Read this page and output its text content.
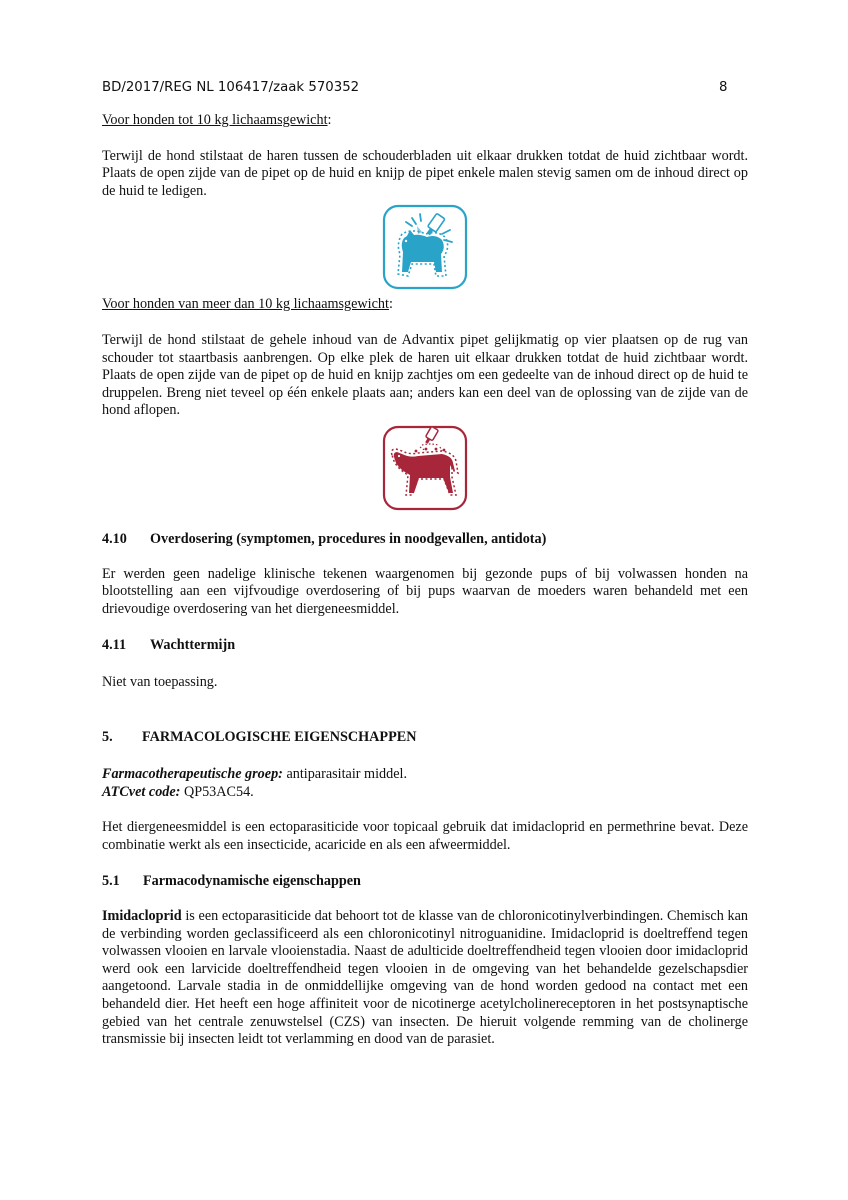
BD/2017/REG NL 106417/zaak 570352	8

Voor honden tot 10 kg lichaamsgewicht:

Terwijl de hond stilstaat de haren tussen de schouderbladen uit elkaar drukken totdat de huid zichtbaar wordt. Plaats de open zijde van de pipet op de huid en knijp de pipet enkele malen stevig samen om de inhoud direct op de huid te ledigen.

Voor honden van meer dan 10 kg lichaamsgewicht:

Terwijl de hond stilstaat de gehele inhoud van de Advantix pipet gelijkmatig op vier plaatsen op de rug van schouder tot staartbasis aanbrengen. Op elke plek de haren uit elkaar drukken totdat de huid zichtbaar wordt. Plaats de open zijde van de pipet op de huid en knijp zachtjes om een gedeelte van de inhoud direct op de huid te druppelen. Breng niet teveel op één enkele plaats aan; anders kan een deel van de oplossing van de zijde van de hond aflopen.

4.10	Overdosering (symptomen, procedures in noodgevallen, antidota)

Er werden geen nadelige klinische tekenen waargenomen bij gezonde pups of bij volwassen honden na blootstelling aan een vijfvoudige overdosering of bij pups waarvan de moeders waren behandeld met een drievoudige overdosering van het diergeneesmiddel.

4.11	Wachttermijn

Niet van toepassing.

5.	FARMACOLOGISCHE EIGENSCHAPPEN

Farmacotherapeutische groep: antiparasitair middel.

ATCvet code: QP53AC54.

Het diergeneesmiddel is een ectoparasiticide voor topicaal gebruik dat imidacloprid en permethrine bevat. Deze combinatie werkt als een insecticide, acaricide en als een afweermiddel.

5.1	Farmacodynamische eigenschappen

Imidacloprid is een ectoparasiticide dat behoort tot de klasse van de chloronicotinylverbindingen. Chemisch kan de verbinding worden geclassificeerd als een chloronicotinyl nitroguanidine. Imidacloprid is doeltreffend tegen volwassen vlooien en larvale vlooienstadia. Naast de adulticide doeltreffendheid tegen vlooien door imidacloprid werd ook een larvicide doeltreffendheid tegen vlooien in de omgeving van het behandelde gezelschapsdier aangetoond. Larvale stadia in de onmiddellijke omgeving van de hond worden gedood na contact met een behandeld dier. Het heeft een hoge affiniteit voor de nicotinerge acetylcholinereceptoren in het postsynaptische gebied van het centrale zenuwstelsel (CZS) van insecten. De hieruit volgende remming van de cholinerge transmissie bij insecten leidt tot verlamming en dood van de parasiet.
